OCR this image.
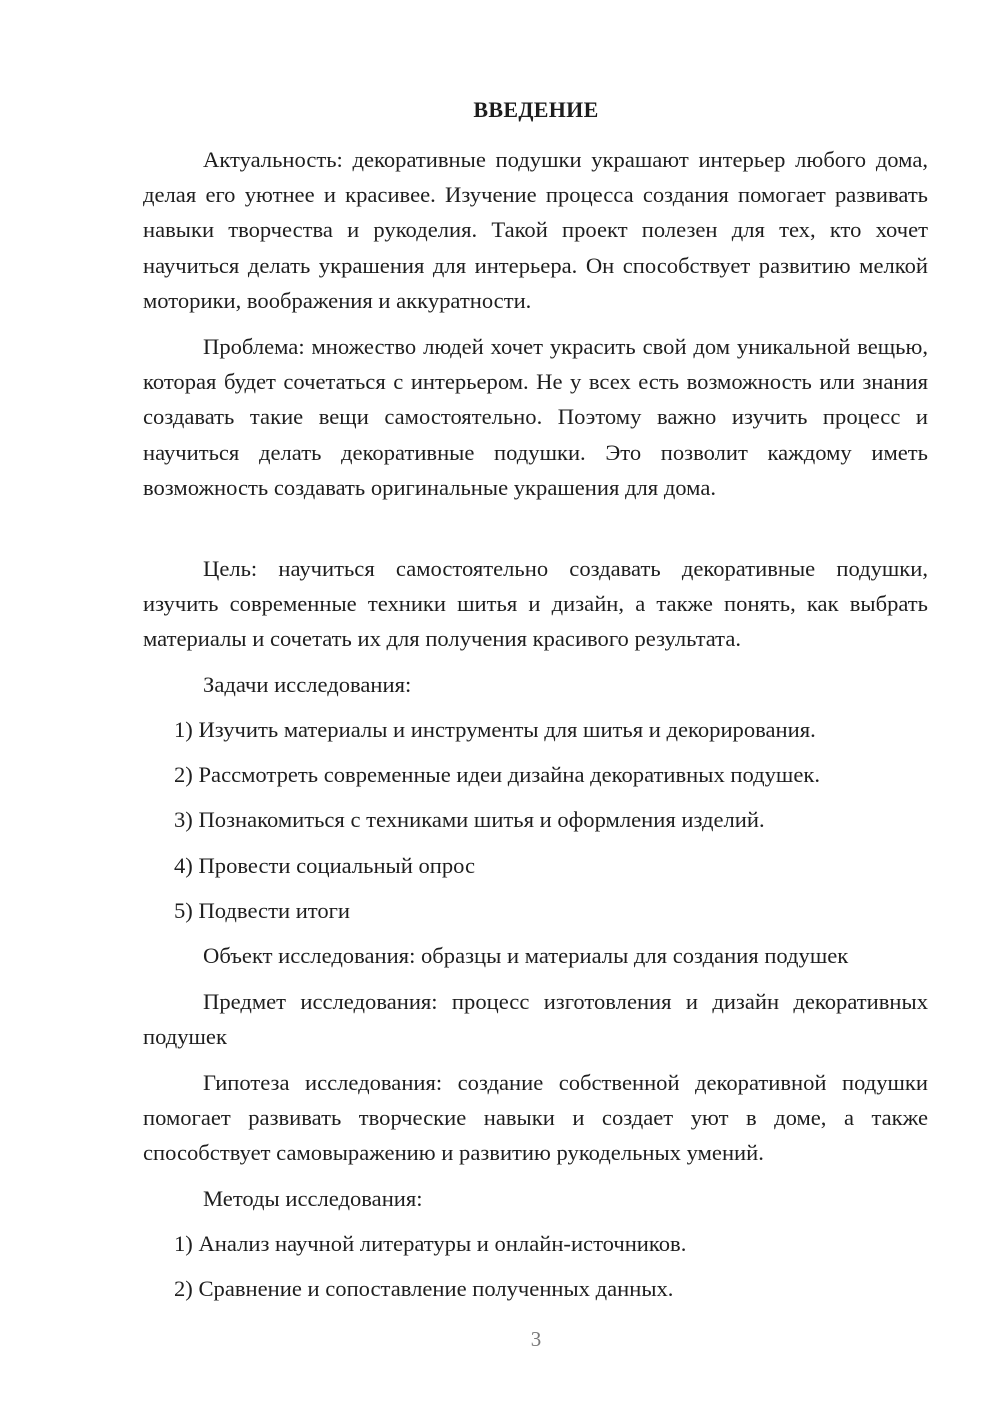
ВВЕДЕНИЕ

Актуальность: декоративные подушки украшают интерьер любого дома, делая его уютнее и красивее. Изучение процесса создания помогает развивать навыки творчества и рукоделия. Такой проект полезен для тех, кто хочет научиться делать украшения для интерьера. Он способствует развитию мелкой моторики, воображения и аккуратности.

Проблема: множество людей хочет украсить свой дом уникальной вещью, которая будет сочетаться с интерьером. Не у всех есть возможность или знания создавать такие вещи самостоятельно. Поэтому важно изучить процесс и научиться делать декоративные подушки. Это позволит каждому иметь возможность создавать оригинальные украшения для дома.

Цель: научиться самостоятельно создавать декоративные подушки, изучить современные техники шитья и дизайн, а также понять, как выбрать материалы и сочетать их для получения красивого результата.

Задачи исследования:
1) Изучить материалы и инструменты для шитья и декорирования.
2) Рассмотреть современные идеи дизайна декоративных подушек.
3) Познакомиться с техниками шитья и оформления изделий.
4) Провести социальный опрос
5) Подвести итоги
Объект исследования: образцы и материалы для создания подушек

Предмет исследования: процесс изготовления и дизайн декоративных подушек

Гипотеза исследования: создание собственной декоративной подушки помогает развивать творческие навыки и создает уют в доме, а также способствует самовыражению и развитию рукодельных умений.

Методы исследования:
1) Анализ научной литературы и онлайн-источников.
2) Сравнение и сопоставление полученных данных.
3
